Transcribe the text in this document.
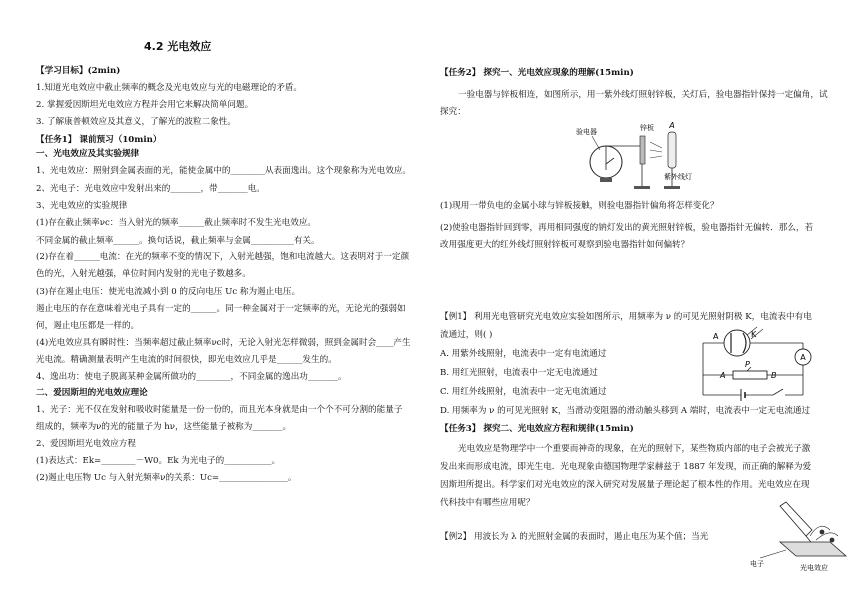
4.2 光电效应
【学习目标】(2min)
1.知道光电效应中截止频率的概念及光电效应与光的电磁理论的矛盾。
2. 掌握爱因斯坦光电效应方程并会用它来解决简单问题。
3. 了解康普顿效应及其意义，了解光的波粒二象性。
【任务1】 课前预习（10min）
一、光电效应及其实验规律
1、光电效应：照射到金属表面的光，能使金属中的________从表面逸出。这个现象称为光电效应。
2、光电子：光电效应中发射出来的_______，带_______电。
3、光电效应的实验规律
(1)存在截止频率νc：当入射光的频率______截止频率时不发生光电效应。
不同金属的截止频率______。换句话说，截止频率与金属__________有关。
(2)存在着______电流：在光的频率不变的情况下，入射光越强，饱和电流越大。这表明对于一定颜
色的光，入射光越强，单位时间内发射的光电子数越多。
(3)存在遏止电压：使光电流减小到 0 的反向电压 Uc 称为遏止电压。
遏止电压的存在意味着光电子具有一定的______。同一种金属对于一定频率的光，无论光的强弱如
何，遏止电压都是一样的。
(4)光电效应具有瞬时性：当频率超过截止频率νc时，无论入射光怎样微弱，照到金属时会____产生
光电流。精确测量表明产生电流的时间很快，即光电效应几乎是______发生的。
4、逸出功：使电子脱离某种金属所做功的________，不同金属的逸出功_______。
二、爱因斯坦的光电效应理论
1、光子：光不仅在发射和吸收时能量是一份一份的，而且光本身就是由一个个不可分割的能量子
组成的，频率为ν的光的能量子为 hν，这些能量子被称为_______。
2、爱因斯坦光电效应方程
(1)表达式：Ek=________－W0。Ek 为光电子的___________。
(2)遏止电压物 Uc 与入射光频率ν的关系：Uc=________________。
【任务2】 探究一、光电效应现象的理解(15min)
一验电器与锌板相连，如图所示，用一紫外线灯照射锌板，关灯后，验电器指针保持一定偏角，试
探究：
(1)现用一带负电的金属小球与锌板接触，则验电器指针偏角将怎样变化？
(2)使验电器指针回到零，再用相同强度的钠灯发出的黄光照射锌板，验电器指针无偏转．那么，若
改用强度更大的红外线灯照射锌板可观察到验电器指针如何偏转？
【例1】 利用光电管研究光电效应实验如图所示，用频率为 ν 的可见光照射阴极 K，电流表中有电
流通过，则( )
A. 用紫外线照射，电流表中一定有电流通过
B. 用红光照射，电流表中一定无电流通过
C. 用红外线照射，电流表中一定无电流通过
D. 用频率为 ν 的可见光照射 K，当滑动变阻器的滑动触头移到 A 端时，电流表中一定无电流通过
【任务3】 探究二、光电效应方程和规律(15min)
光电效应是物理学中一个重要而神奇的现象，在光的照射下，某些物质内部的电子会被光子激
发出来而形成电流，即光生电．光电现象由德国物理学家赫兹于 1887 年发现，而正确的解释为爱
因斯坦所提出。科学家们对光电效应的深入研究对发展量子理论起了根本性的作用。光电效应在现
代科技中有哪些应用呢？
【例2】 用波长为 λ 的光照射金属的表面时，遏止电压为某个值；当光
验电器	锌板 A
紫外线灯
A	K
A
A	B
P
电子	光电效应
